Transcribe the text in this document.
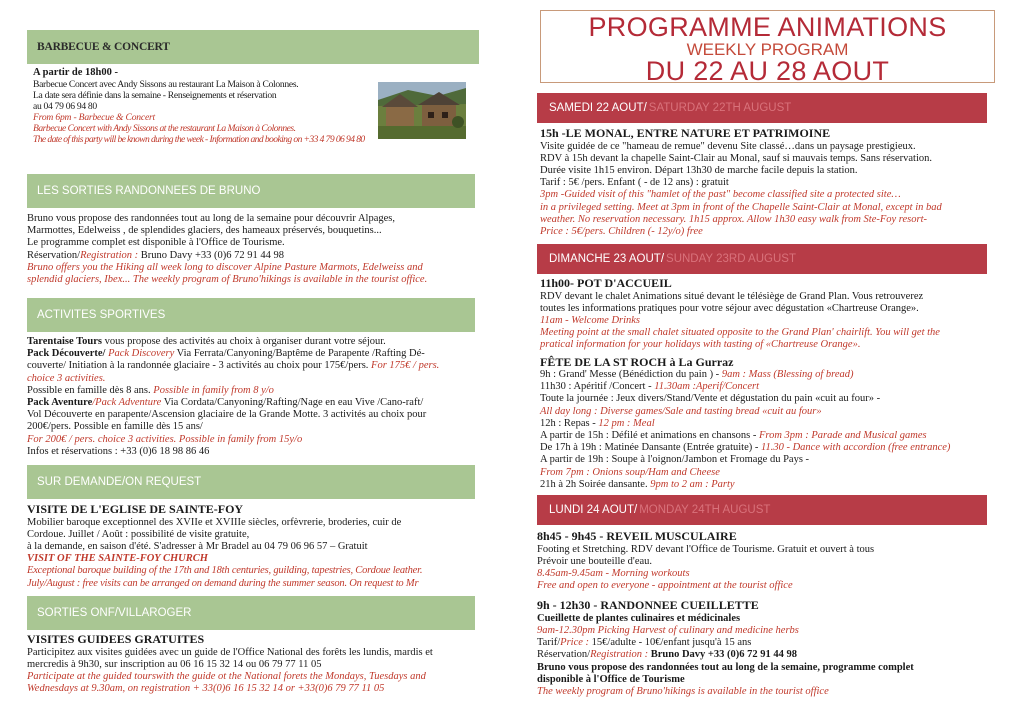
PROGRAMME ANIMATIONS
WEEKLY PROGRAM
DU 22 AU 28 AOUT
BARBECUE & CONCERT

A partir de 18h00 -

Barbecue Concert avec Andy Sissons au restaurant La Maison à Colonnes.

La date sera définie dans la semaine - Renseignements et réservation

au 04 79 06 94 80

From 6pm - Barbecue & Concert

Barbecue Concert with Andy Sissons at the restaurant La Maison à Colonnes.

The date of this party will be known during the week - Information and booking on +33 4 79 06 94 80

LES SORTIES RANDONNEES DE BRUNO

Bruno vous propose des randonnées tout au long de la semaine pour découvrir Alpages,

Marmottes, Edelweiss , de splendides glaciers, des hameaux préservés, bouquetins...

Le programme complet est disponible à l'Office de Tourisme.

Réservation/Registration : Bruno Davy +33 (0)6 72 91 44 98

Bruno offers you the Hiking all week long to discover Alpine Pasture Marmots, Edelweiss and

splendid glaciers, Ibex... The weekly program of Bruno'hikings is available in the tourist office.

ACTIVITES SPORTIVES

Tarentaise Tours vous propose des activités au choix à organiser durant votre séjour.

Pack Découverte/ Pack Discovery Via Ferrata/Canyoning/Baptême de Parapente /Rafting Dé-

couverte/ Initiation à la randonnée glaciaire - 3 activités au choix pour 175€/pers. For 175€ / pers.

choice 3 activities.

Possible en famille dès 8 ans. Possible in family from 8 y/o

Pack Aventure/Pack Adventure Via Cordata/Canyoning/Rafting/Nage en eau Vive /Cano-raft/

Vol Découverte en parapente/Ascension glaciaire de la Grande Motte. 3 activités au choix pour

200€/pers. Possible en famille dès 15 ans/

For 200€ / pers. choice 3 activities. Possible in family from 15y/o

Infos et réservations : +33 (0)6 18 98 86 46

SUR DEMANDE/ON REQUEST

VISITE DE L'EGLISE DE SAINTE-FOY

Mobilier baroque exceptionnel des XVIIe et XVIIIe siècles, orfèvrerie, broderies, cuir de

Cordoue. Juillet / Août : possibilité de visite gratuite,

à la demande, en saison d'été. S'adresser à Mr Bradel au 04 79 06 96 57 – Gratuit

VISIT OF THE SAINTE-FOY CHURCH

Exceptional baroque building of the 17th and 18th centuries, guilding, tapestries, Cordoue leather.

July/August : free visits can be arranged on demand during the summer season. On request to Mr

SORTIES ONF/VILLAROGER

VISITES GUIDEES GRATUITES

Participitez aux visites guidées avec un guide de l'Office National des forêts les lundis, mardis et

mercredis à 9h30, sur inscription au 06 16 15 32 14 ou 06 79 77 11 05

Participate at the guided tourswith the guide ot the National forets the Mondays, Tuesdays and

Wednesdays at 9.30am, on registration + 33(0)6 16 15 32 14 or +33(0)6 79 77 11 05

SAMEDI 22 AOUT/ SATURDAY 22TH AUGUST

15h -LE MONAL, ENTRE NATURE ET PATRIMOINE

Visite guidée de ce "hameau de remue" devenu Site classé…dans un paysage prestigieux.

RDV à 15h devant la chapelle Saint-Clair au Monal, sauf si mauvais temps. Sans réservation.

Durée visite 1h15 environ. Départ 13h30 de marche facile depuis la station.

Tarif : 5€ /pers. Enfant ( - de 12 ans) : gratuit

3pm -Guided visit of this "hamlet of the past" become classified site a protected site…

in a privileged setting. Meet at 3pm in front of the Chapelle Saint-Clair at Monal, except in bad

weather. No reservation necessary. 1h15 approx. Allow 1h30 easy walk from Ste-Foy resort-

Price : 5€/pers. Children (- 12y/o) free

DIMANCHE 23 AOUT/ SUNDAY 23RD AUGUST

11h00- POT D'ACCUEIL

RDV devant le chalet Animations situé devant le télésiège de Grand Plan. Vous retrouverez

toutes les informations pratiques pour votre séjour avec dégustation «Chartreuse Orange».

11am - Welcome Drinks

Meeting point at the small chalet situated opposite to the Grand Plan' chairlift. You will get the

pratical information for your holidays with tasting of «Chartreuse Orange».

FÊTE DE LA ST ROCH à La Gurraz

9h : Grand' Messe (Bénédiction du pain ) - 9am : Mass (Blessing of bread)

11h30 : Apéritif /Concert - 11.30am :Aperif/Concert

Toute la journée : Jeux divers/Stand/Vente et dégustation du pain «cuit au four» -

All day long : Diverse games/Sale and tasting bread «cuit au four»

12h : Repas - 12 pm : Meal

A partir de 15h : Défilé et animations en chansons - From 3pm : Parade and Musical games

De 17h à 19h : Matinée Dansante (Entrée gratuite) - 11.30 - Dance with accordion (free entrance)

A partir de 19h : Soupe à l'oignon/Jambon et Fromage du Pays -

From 7pm : Onions soup/Ham and Cheese

21h à 2h Soirée dansante. 9pm to 2 am : Party

LUNDI 24 AOUT/ MONDAY 24TH AUGUST

8h45 - 9h45 - REVEIL MUSCULAIRE

Footing et Stretching. RDV devant l'Office de Tourisme. Gratuit et ouvert à tous

Prévoir une bouteille d'eau.

8.45am-9.45am - Morning workouts

Free and open to everyone - appointment at the tourist office

9h - 12h30 - RANDONNEE CUEILLETTE

Cueillette de plantes culinaires et médicinales

9am-12.30pm Picking Harvest of culinary and medicine herbs

Tarif/Price : 15€/adulte - 10€/enfant jusqu'à 15 ans

Réservation/Registration : Bruno Davy +33 (0)6 72 91 44 98

Bruno vous propose des randonnées tout au long de la semaine, programme complet

disponible à l'Office de Tourisme

The weekly program of Bruno'hikings is available in the tourist office
